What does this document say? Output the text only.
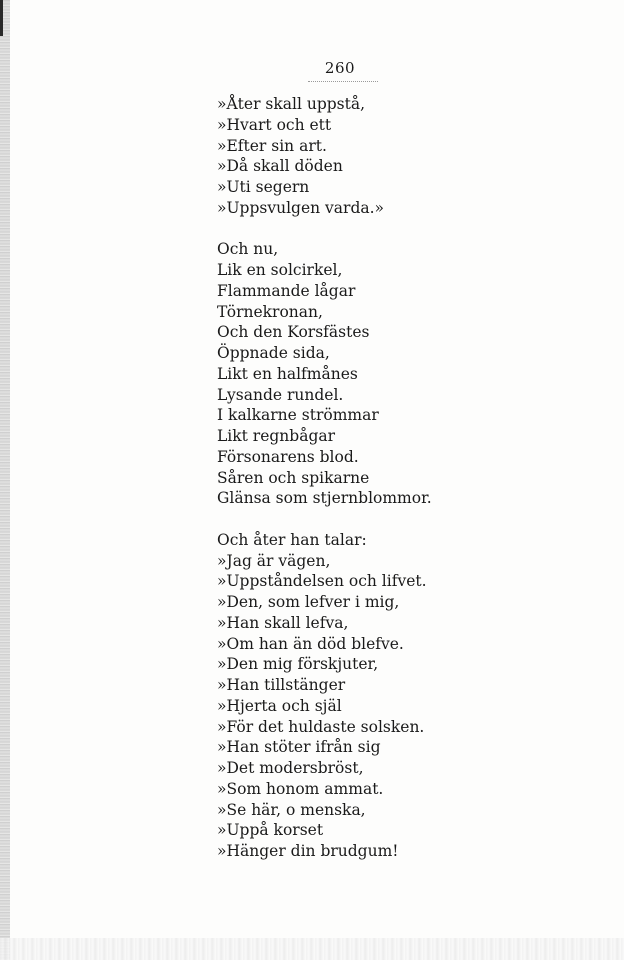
260
»Åter skall uppstå,
»Hvart och ett
»Efter sin art.
»Då skall döden
»Uti segern
»Uppsvulgen varda.»
Och nu,
Lik en solcirkel,
Flammande lågar
Törnekronan,
Och den Korsfästes
Öppnade sida,
Likt en halfmånes
Lysande rundel.
I kalkarne strömmar
Likt regnbågar
Försonarens blod.
Såren och spikarne
Glänsa som stjernblommor.
Och åter han talar:
»Jag är vägen,
»Uppståndelsen och lifvet.
»Den, som lefver i mig,
»Han skall lefva,
»Om han än död blefve.
»Den mig förskjuter,
»Han tillstänger
»Hjerta och själ
»För det huldaste solsken.
»Han stöter ifrån sig
»Det modersbröst,
»Som honom ammat.
»Se här, o menska,
»Uppå korset
»Hänger din brudgum!
